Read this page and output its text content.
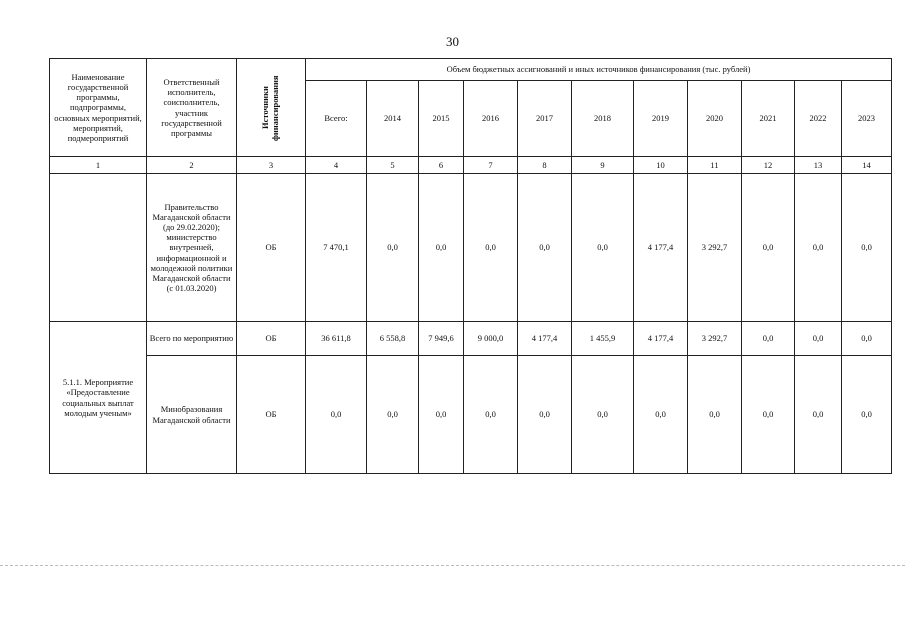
30
Наименование государственной программы, подпрограммы, основных мероприятий, мероприятий, подмероприятий	Ответственный исполнитель, соисполнитель, участник государственной программы	Источники финансирования	Объем бюджетных ассигнований и иных источников финансирования (тыс. рублей)										
			Всего:	2014	2015	2016	2017	2018	2019	2020	2021	2022	2023
1	2	3	4	5	6	7	8	9	10	11	12	13	14
	Правительство Магаданской области (до 29.02.2020); министерство внутренней, информационной и молодежной политики Магаданской области (с 01.03.2020)	ОБ	7 470,1	0,0	0,0	0,0	0,0	0,0	4 177,4	3 292,7	0,0	0,0	0,0
5.1.1. Мероприятие «Предоставление социальных выплат молодым ученым»	Всего по мероприятию	ОБ	36 611,8	6 558,8	7 949,6	9 000,0	4 177,4	1 455,9	4 177,4	3 292,7	0,0	0,0	0,0
	Минобразования Магаданской области	ОБ	0,0	0,0	0,0	0,0	0,0	0,0	0,0	0,0	0,0	0,0	0,0
